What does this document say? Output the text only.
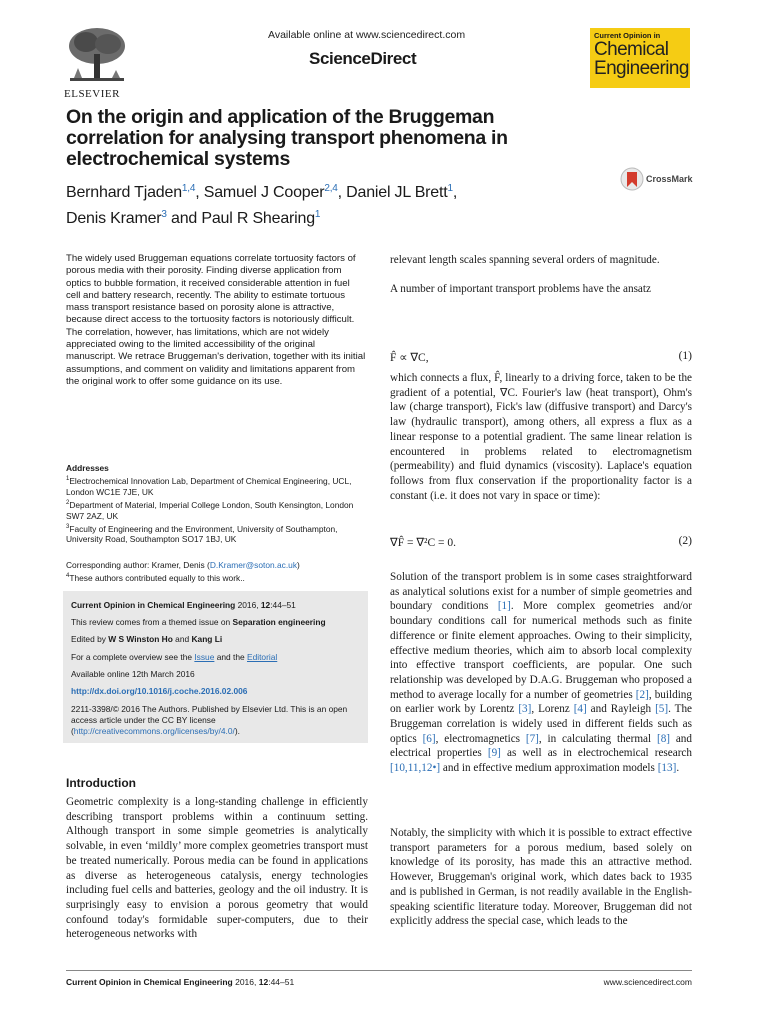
ELSEVIER
Available online at www.sciencedirect.com
ScienceDirect
Current Opinion in
Chemical
Engineering
On the origin and application of the Bruggeman correlation for analysing transport phenomena in electrochemical systems
Bernhard Tjaden$^{1,4}$, Samuel J Cooper$^{2,4}$, Daniel JL Brett$^1$,
Denis Kramer$^3$ and Paul R Shearing$^1$
CrossMark

The widely used Bruggeman equations correlate tortuosity factors of porous media with their porosity. Finding diverse application from optics to bubble formation, it received considerable attention in fuel cell and battery research, recently. The ability to estimate tortuous mass transport resistance based on porosity alone is attractive, because direct access to the tortuosity factors is notoriously difficult. The correlation, however, has limitations, which are not widely appreciated owing to the limited accessibility of the original manuscript. We retrace Bruggeman's derivation, together with its initial assumptions, and comment on validity and limitations apparent from the original work to offer some guidance on its use.

Addresses
$^1$Electrochemical Innovation Lab, Department of Chemical Engineering, UCL, London WC1E 7JE, UK
$^2$Department of Material, Imperial College London, South Kensington, London SW7 2AZ, UK
$^3$Faculty of Engineering and the Environment, University of Southampton, University Road, Southampton SO17 1BJ, UK
Corresponding author: Kramer, Denis (D.Kramer@soton.ac.uk)
$^4$These authors contributed equally to this work..
Current Opinion in Chemical Engineering 2016, 12:44–51
This review comes from a themed issue on Separation engineering
Edited by W S Winston Ho and Kang Li
For a complete overview see the Issue and the Editorial
Available online 12th March 2016
http://dx.doi.org/10.1016/j.coche.2016.02.006
2211-3398/© 2016 The Authors. Published by Elsevier Ltd. This is an open access article under the CC BY license (http://creativecommons.org/licenses/by/4.0/).
Introduction

Geometric complexity is a long-standing challenge in efficiently describing transport problems within a continuum setting. Although transport in some simple geometries is analytically solvable, in even ‘mildly’ more complex geometries transport must be treated numerically. Porous media can be found in applications as diverse as heterogeneous catalysis, energy technologies including fuel cells and batteries, geology and the oil industry. It is surprisingly easy to envision a porous geometry that would confound today's formidable super-computers, due to their heterogeneous networks with

relevant length scales spanning several orders of magnitude.

A number of important transport problems have the ansatz

F̂ ∝ ∇C,	(1)
which connects a flux, F̂, linearly to a driving force, taken to be the gradient of a potential, ∇C. Fourier's law (heat transport), Ohm's law (charge transport), Fick's law (diffusive transport) and Darcy's law (hydraulic transport), among others, all express a flux as a linear response to a potential gradient. The same linear relation is encountered in problems related to electromagnetism (permeability) and fluid dynamics (viscosity). Laplace's equation follows from flux conservation if the proportionality factor is a constant (i.e. it does not vary in space or time):
∇F̂ = ∇²C = 0.	(2)
Solution of the transport problem is in some cases straightforward as analytical solutions exist for a number of simple geometries and boundary conditions [1]. More complex geometries and/or boundary conditions call for numerical methods such as finite difference or finite element approaches. Owing to their simplicity, effective medium theories, which aim to absorb local complexity into effective transport coefficients, are popular. One such relationship was developed by D.A.G. Bruggeman who proposed a method to average locally for a number of geometries [2], building on earlier work by Lorentz [3], Lorenz [4] and Rayleigh [5]. The Bruggeman correlation is widely used in different fields such as optics [6], electromagnetics [7], in calculating thermal [8] and electrical properties [9] as well as in electrochemical research [10,11,12•] and in effective medium approximation models [13].
Notably, the simplicity with which it is possible to extract effective transport parameters for a porous medium, based solely on knowledge of its porosity, has made this an attractive method. However, Bruggeman's original work, which dates back to 1935 and is published in German, is not readily available in the English-speaking scientific literature today. Moreover, Bruggeman did not explicitly address the special case, which leads to the
Current Opinion in Chemical Engineering 2016, 12:44–51	www.sciencedirect.com
